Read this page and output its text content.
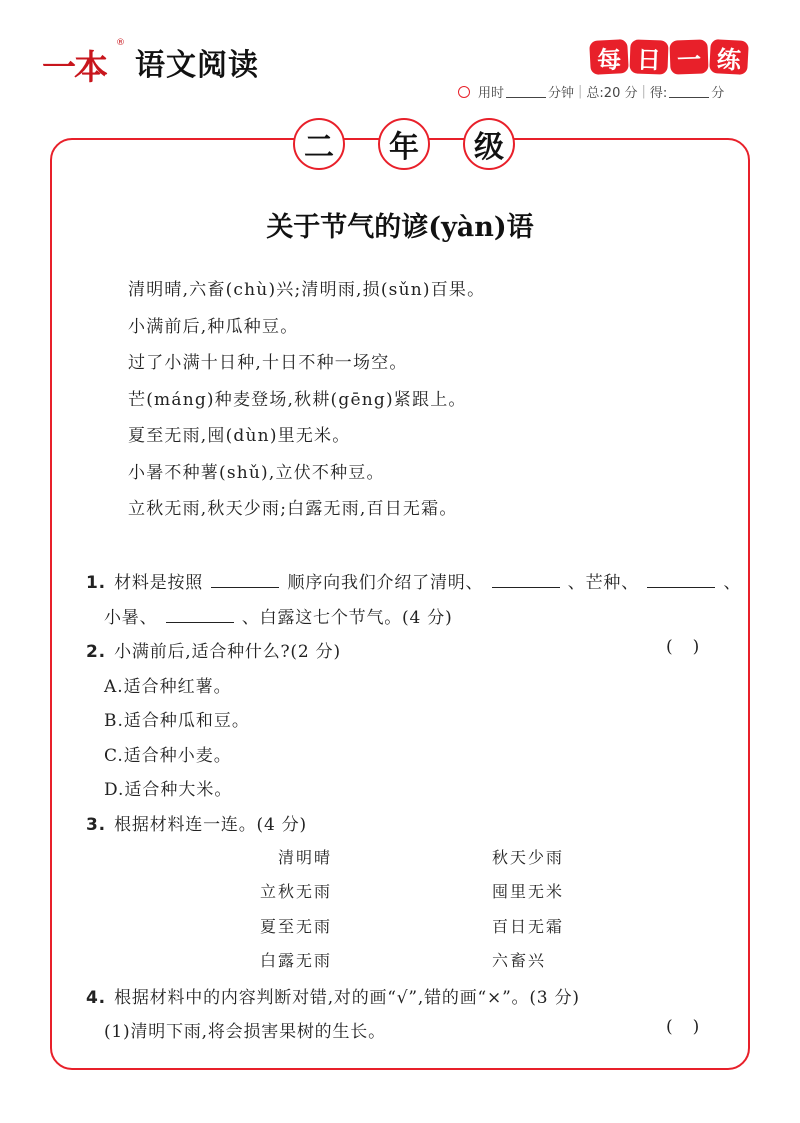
一本
®
语文阅读	每 日 一 练
用时	分钟 | 总:20 分 | 得:	分
二	年	级
关于节气的谚(yàn)语
清明晴,六畜(chù)兴;清明雨,损(sǔn)百果。
小满前后,种瓜种豆。
过了小满十日种,十日不种一场空。
芒(máng)种麦登场,秋耕(gēng)紧跟上。
夏至无雨,囤(dùn)里无米。
小暑不种薯(shǔ),立伏不种豆。
立秋无雨,秋天少雨;白露无雨,百日无霜。
1. 材料是按照	顺序向我们介绍了清明、	、芒种、	、
小暑、	、白露这七个节气。(4 分)
2. 小满前后,适合种什么?(2 分)	()
A.适合种红薯。
B.适合种瓜和豆。
C.适合种小麦。
D.适合种大米。
3. 根据材料连一连。(4 分)
清明晴
立秋无雨
夏至无雨
白露无雨
秋天少雨
囤里无米
百日无霜
六畜兴
4. 根据材料中的内容判断对错,对的画“√”,错的画“×”。(3 分)
(1)清明下雨,将会损害果树的生长。	()
